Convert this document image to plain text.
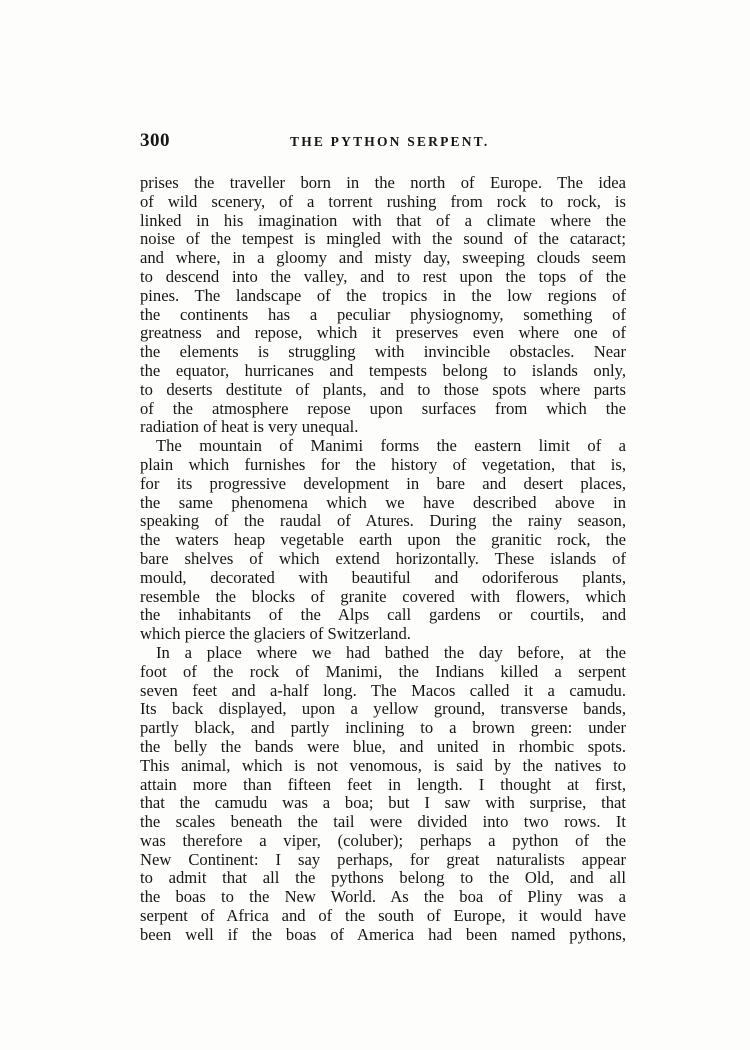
300	THE PYTHON SERPENT.
prises the traveller born in the north of Europe. The idea
of wild scenery, of a torrent rushing from rock to rock, is
linked in his imagination with that of a climate where the
noise of the tempest is mingled with the sound of the cataract;
and where, in a gloomy and misty day, sweeping clouds seem
to descend into the valley, and to rest upon the tops of the
pines. The landscape of the tropics in the low regions of
the continents has a peculiar physiognomy, something of
greatness and repose, which it preserves even where one of
the elements is struggling with invincible obstacles. Near
the equator, hurricanes and tempests belong to islands only,
to deserts destitute of plants, and to those spots where parts
of the atmosphere repose upon surfaces from which the
radiation of heat is very unequal.
The mountain of Manimi forms the eastern limit of a
plain which furnishes for the history of vegetation, that is,
for its progressive development in bare and desert places,
the same phenomena which we have described above in
speaking of the raudal of Atures. During the rainy season,
the waters heap vegetable earth upon the granitic rock, the
bare shelves of which extend horizontally. These islands of
mould, decorated with beautiful and odoriferous plants,
resemble the blocks of granite covered with flowers, which
the inhabitants of the Alps call gardens or courtils, and
which pierce the glaciers of Switzerland.
In a place where we had bathed the day before, at the
foot of the rock of Manimi, the Indians killed a serpent
seven feet and a-half long. The Macos called it a camudu.
Its back displayed, upon a yellow ground, transverse bands,
partly black, and partly inclining to a brown green: under
the belly the bands were blue, and united in rhombic spots.
This animal, which is not venomous, is said by the natives to
attain more than fifteen feet in length. I thought at first,
that the camudu was a boa; but I saw with surprise, that
the scales beneath the tail were divided into two rows. It
was therefore a viper, (coluber); perhaps a python of the
New Continent: I say perhaps, for great naturalists appear
to admit that all the pythons belong to the Old, and all
the boas to the New World. As the boa of Pliny was a
serpent of Africa and of the south of Europe, it would have
been well if the boas of America had been named pythons,
